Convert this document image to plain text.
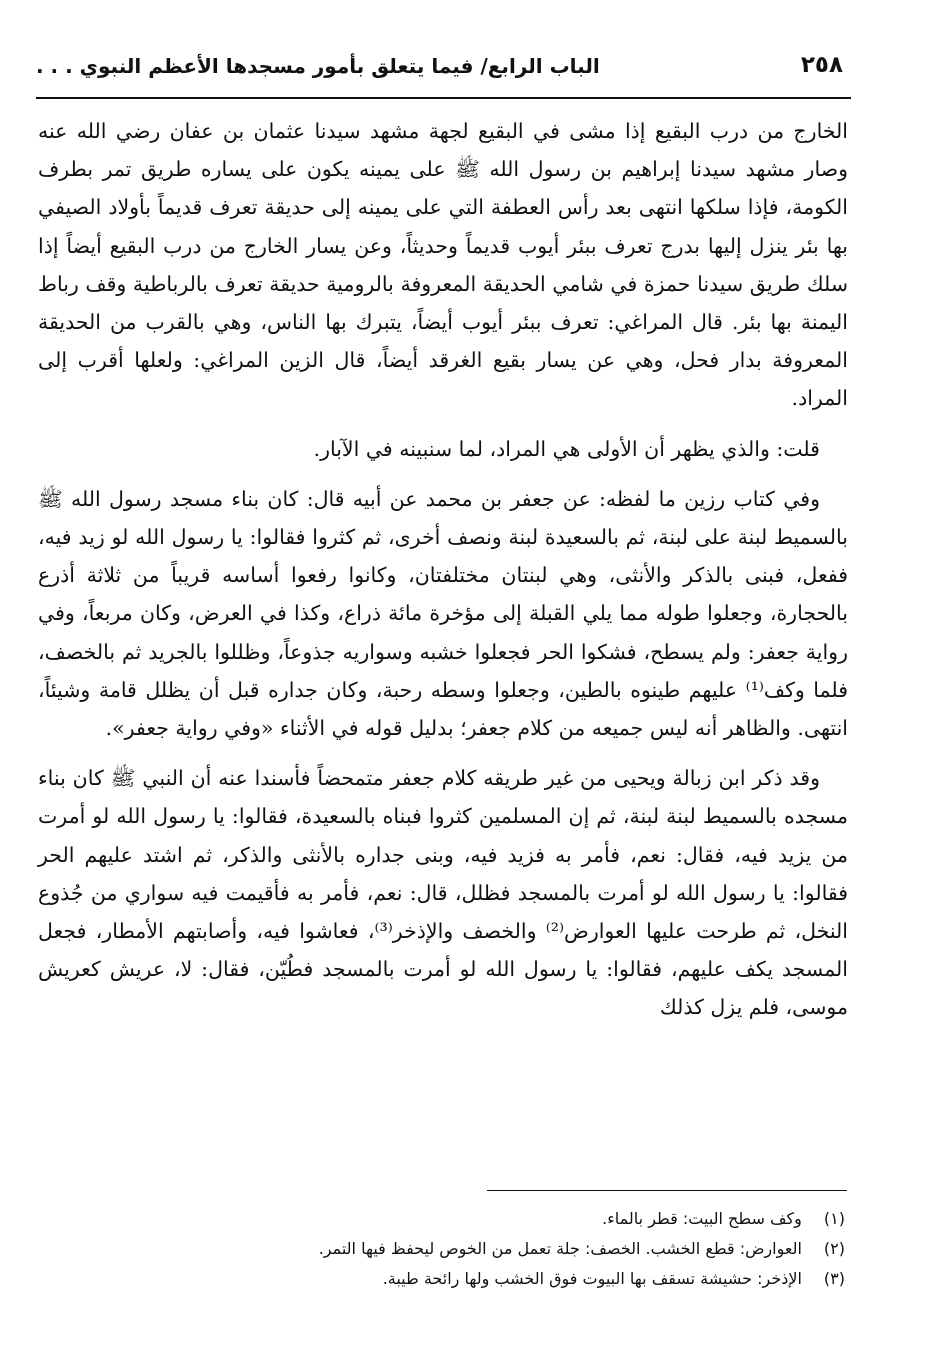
٢٥٨
الباب الرابع/ فيما يتعلق بأمور مسجدها الأعظم النبوي . . .

الخارج من درب البقيع إذا مشى في البقيع لجهة مشهد سيدنا عثمان بن عفان رضي الله عنه وصار مشهد سيدنا إبراهيم بن رسول الله ﷺ على يمينه يكون على يساره طريق تمر بطرف الكومة، فإذا سلكها انتهى بعد رأس العطفة التي على يمينه إلى حديقة تعرف قديماً بأولاد الصيفي بها بئر ينزل إليها بدرج تعرف ببئر أيوب قديماً وحديثاً، وعن يسار الخارج من درب البقيع أيضاً إذا سلك طريق سيدنا حمزة في شامي الحديقة المعروفة بالرومية حديقة تعرف بالرباطية وقف رباط اليمنة بها بئر. قال المراغي: تعرف ببئر أيوب أيضاً، يتبرك بها الناس، وهي بالقرب من الحديقة المعروفة بدار فحل، وهي عن يسار بقيع الغرقد أيضاً، قال الزين المراغي: ولعلها أقرب إلى المراد.

قلت: والذي يظهر أن الأولى هي المراد، لما سنبينه في الآبار.

وفي كتاب رزين ما لفظه: عن جعفر بن محمد عن أبيه قال: كان بناء مسجد رسول الله ﷺ بالسميط لبنة على لبنة، ثم بالسعيدة لبنة ونصف أخرى، ثم كثروا فقالوا: يا رسول الله لو زيد فيه، ففعل، فبنى بالذكر والأنثى، وهي لبنتان مختلفتان، وكانوا رفعوا أساسه قريباً من ثلاثة أذرع بالحجارة، وجعلوا طوله مما يلي القبلة إلى مؤخرة مائة ذراع، وكذا في العرض، وكان مربعاً، وفي رواية جعفر: ولم يسطح، فشكوا الحر فجعلوا خشبه وسواريه جذوعاً، وظللوا بالجريد ثم بالخصف، فلما وكف⁽¹⁾ عليهم طينوه بالطين، وجعلوا وسطه رحبة، وكان جداره قبل أن يظلل قامة وشيئاً، انتهى. والظاهر أنه ليس جميعه من كلام جعفر؛ بدليل قوله في الأثناء «وفي رواية جعفر».

وقد ذكر ابن زبالة ويحيى من غير طريقه كلام جعفر متمحضاً فأسندا عنه أن النبي ﷺ كان بناء مسجده بالسميط لبنة لبنة، ثم إن المسلمين كثروا فبناه بالسعيدة، فقالوا: يا رسول الله لو أمرت من يزيد فيه، فقال: نعم، فأمر به فزيد فيه، وبنى جداره بالأنثى والذكر، ثم اشتد عليهم الحر فقالوا: يا رسول الله لو أمرت بالمسجد فظلل، قال: نعم، فأمر به فأقيمت فيه سواري من جُذوع النخل، ثم طرحت عليها العوارض⁽²⁾ والخصف والإذخر⁽³⁾، فعاشوا فيه، وأصابتهم الأمطار، فجعل المسجد يكف عليهم، فقالوا: يا رسول الله لو أمرت بالمسجد فطُيّن، فقال: لا، عريش كعريش موسى، فلم يزل كذلك

(١) وكف سطح البيت: قطر بالماء.
(٢) العوارض: قطع الخشب. الخصف: جلة تعمل من الخوص ليحفظ فيها التمر.
(٣) الإذخر: حشيشة تسقف بها البيوت فوق الخشب ولها رائحة طيبة.
